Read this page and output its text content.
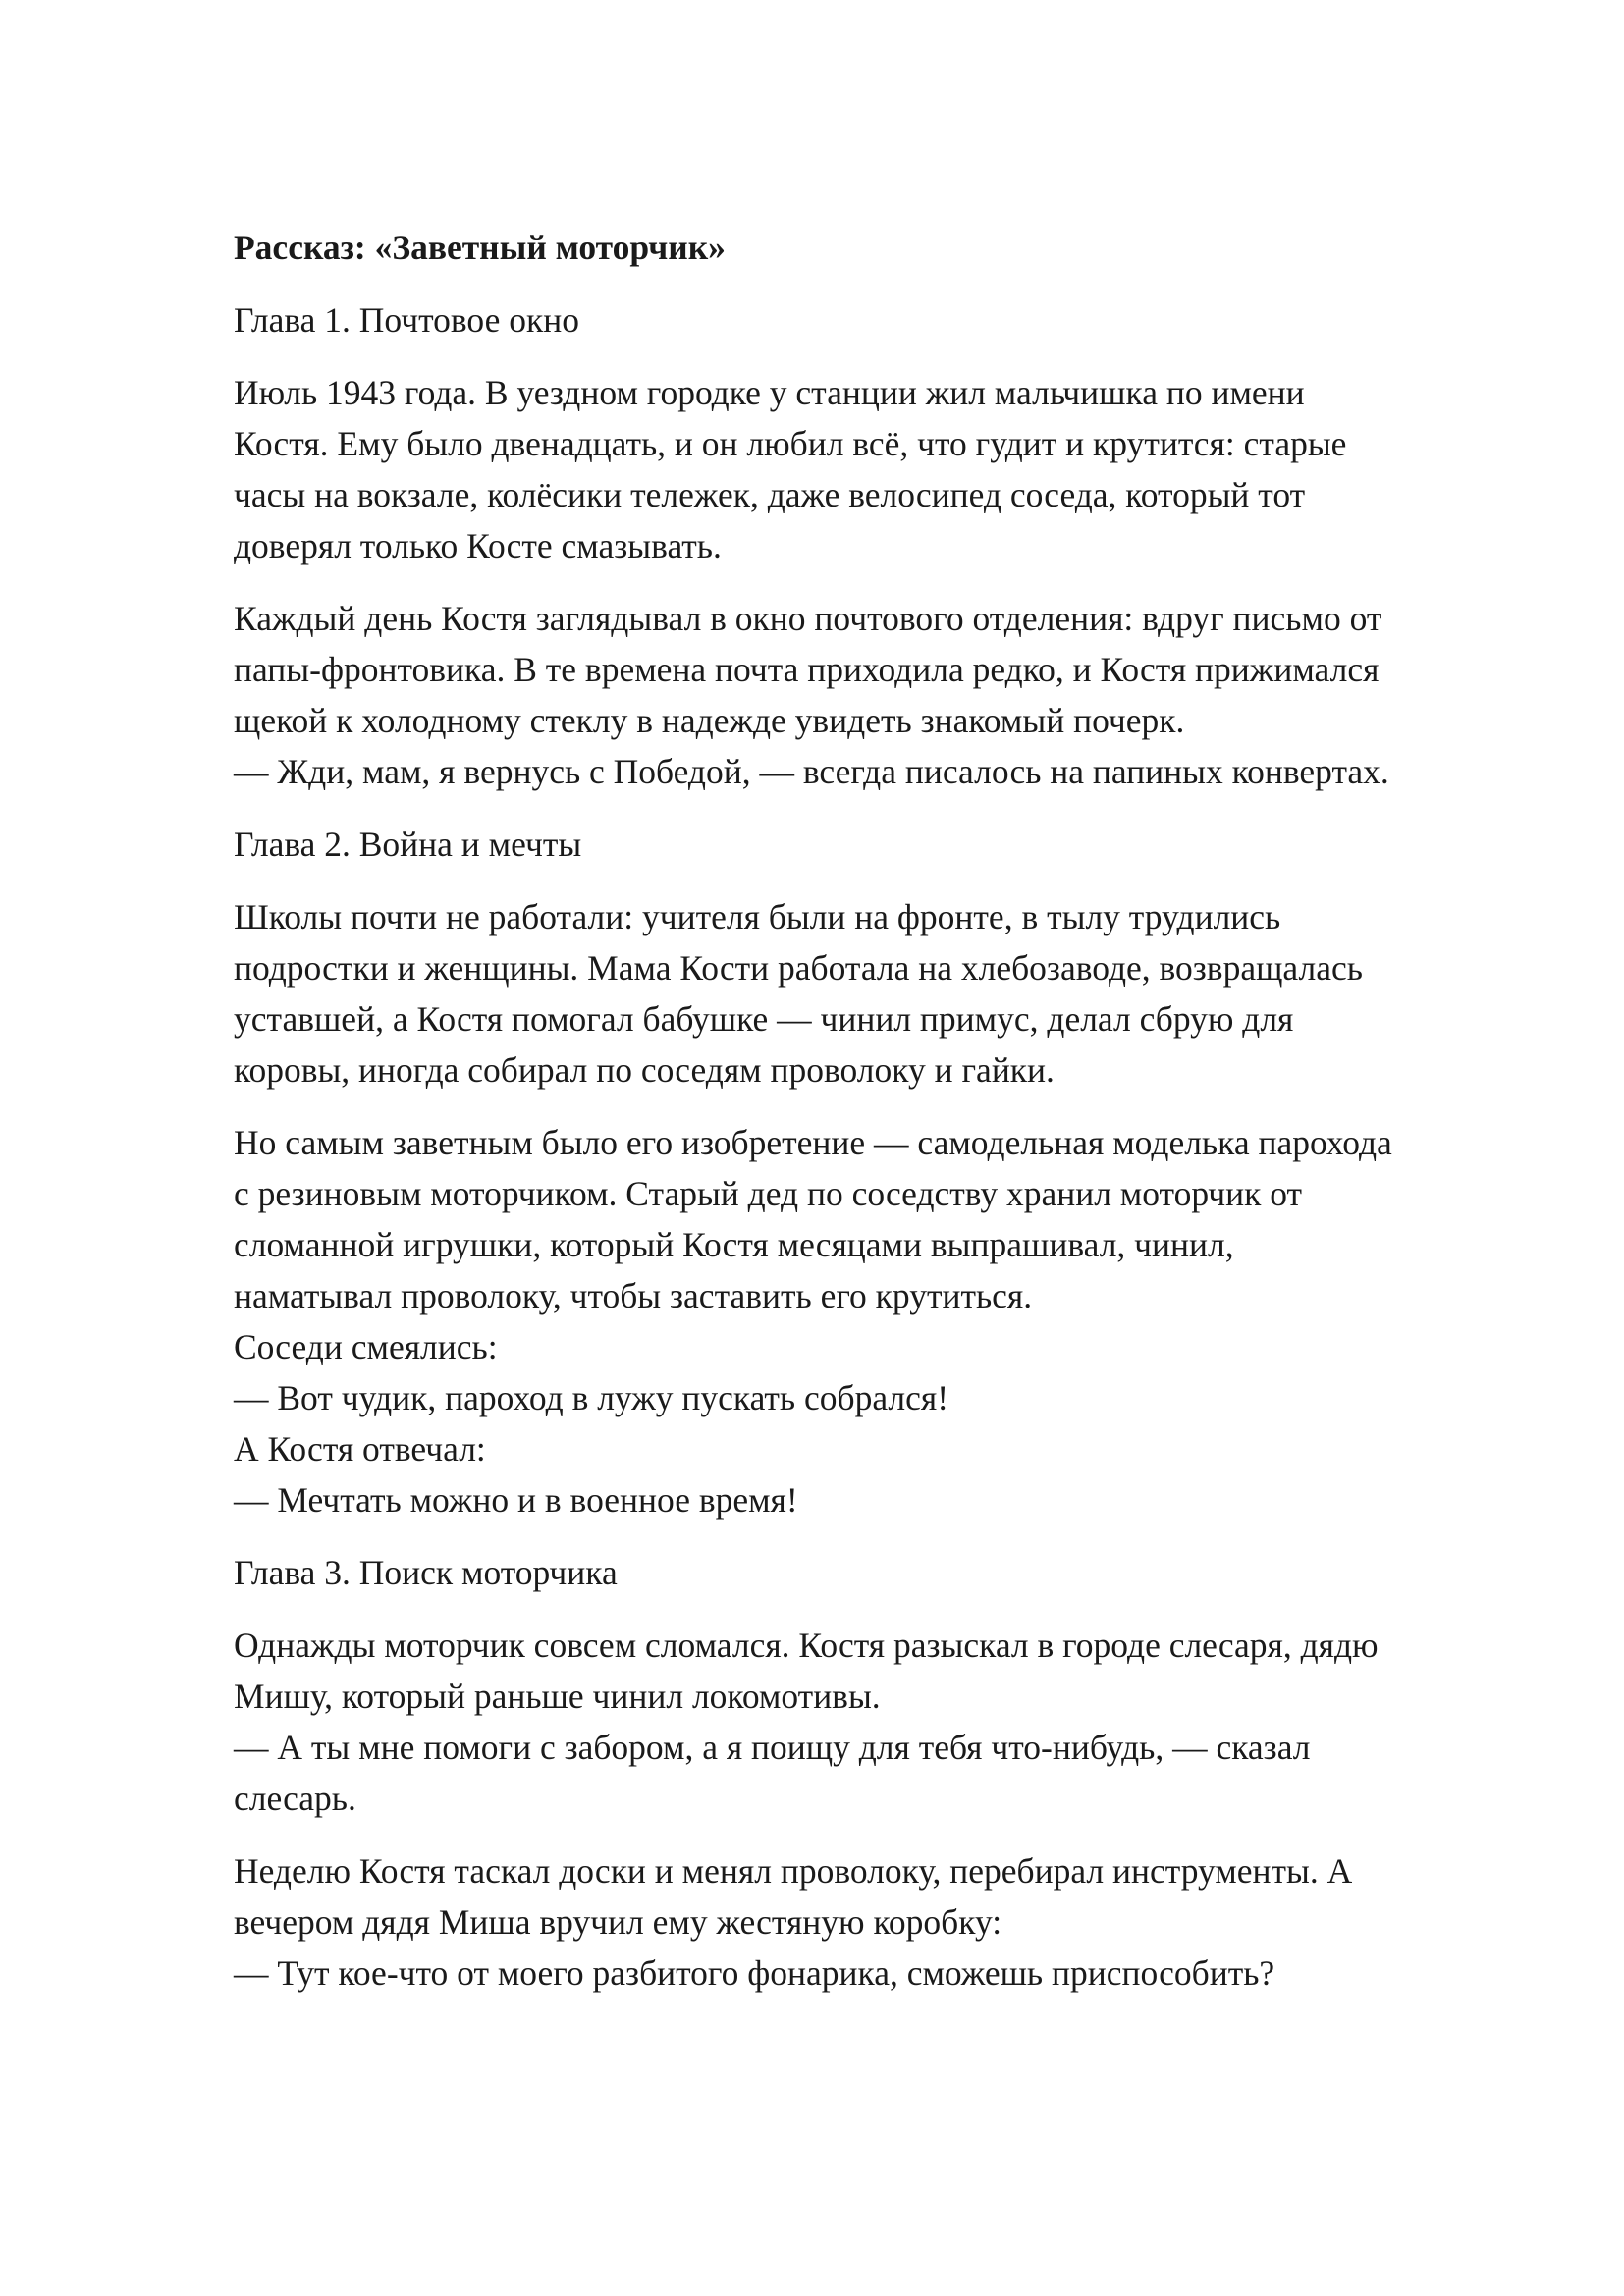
Рассказ: «Заветный моторчик»
Глава 1. Почтовое окно
Июль 1943 года. В уездном городке у станции жил мальчишка по имени
Костя. Ему было двенадцать, и он любил всё, что гудит и крутится: старые
часы на вокзале, колёсики тележек, даже велосипед соседа, который тот
доверял только Косте смазывать.
Каждый день Костя заглядывал в окно почтового отделения: вдруг письмо от
папы-фронтовика. В те времена почта приходила редко, и Костя прижимался
щекой к холодному стеклу в надежде увидеть знакомый почерк.
— Жди, мам, я вернусь с Победой, — всегда писалось на папиных конвертах.
Глава 2. Война и мечты
Школы почти не работали: учителя были на фронте, в тылу трудились
подростки и женщины. Мама Кости работала на хлебозаводе, возвращалась
уставшей, а Костя помогал бабушке — чинил примус, делал сбрую для
коровы, иногда собирал по соседям проволоку и гайки.
Но самым заветным было его изобретение — самодельная моделька парохода
с резиновым моторчиком. Старый дед по соседству хранил моторчик от
сломанной игрушки, который Костя месяцами выпрашивал, чинил,
наматывал проволоку, чтобы заставить его крутиться.
Соседи смеялись:
— Вот чудик, пароход в лужу пускать собрался!
А Костя отвечал:
— Мечтать можно и в военное время!
Глава 3. Поиск моторчика
Однажды моторчик совсем сломался. Костя разыскал в городе слесаря, дядю
Мишу, который раньше чинил локомотивы.
— А ты мне помоги с забором, а я поищу для тебя что-нибудь, — сказал
слесарь.
Неделю Костя таскал доски и менял проволоку, перебирал инструменты. А
вечером дядя Миша вручил ему жестяную коробку:
— Тут кое-что от моего разбитого фонарика, сможешь приспособить?
